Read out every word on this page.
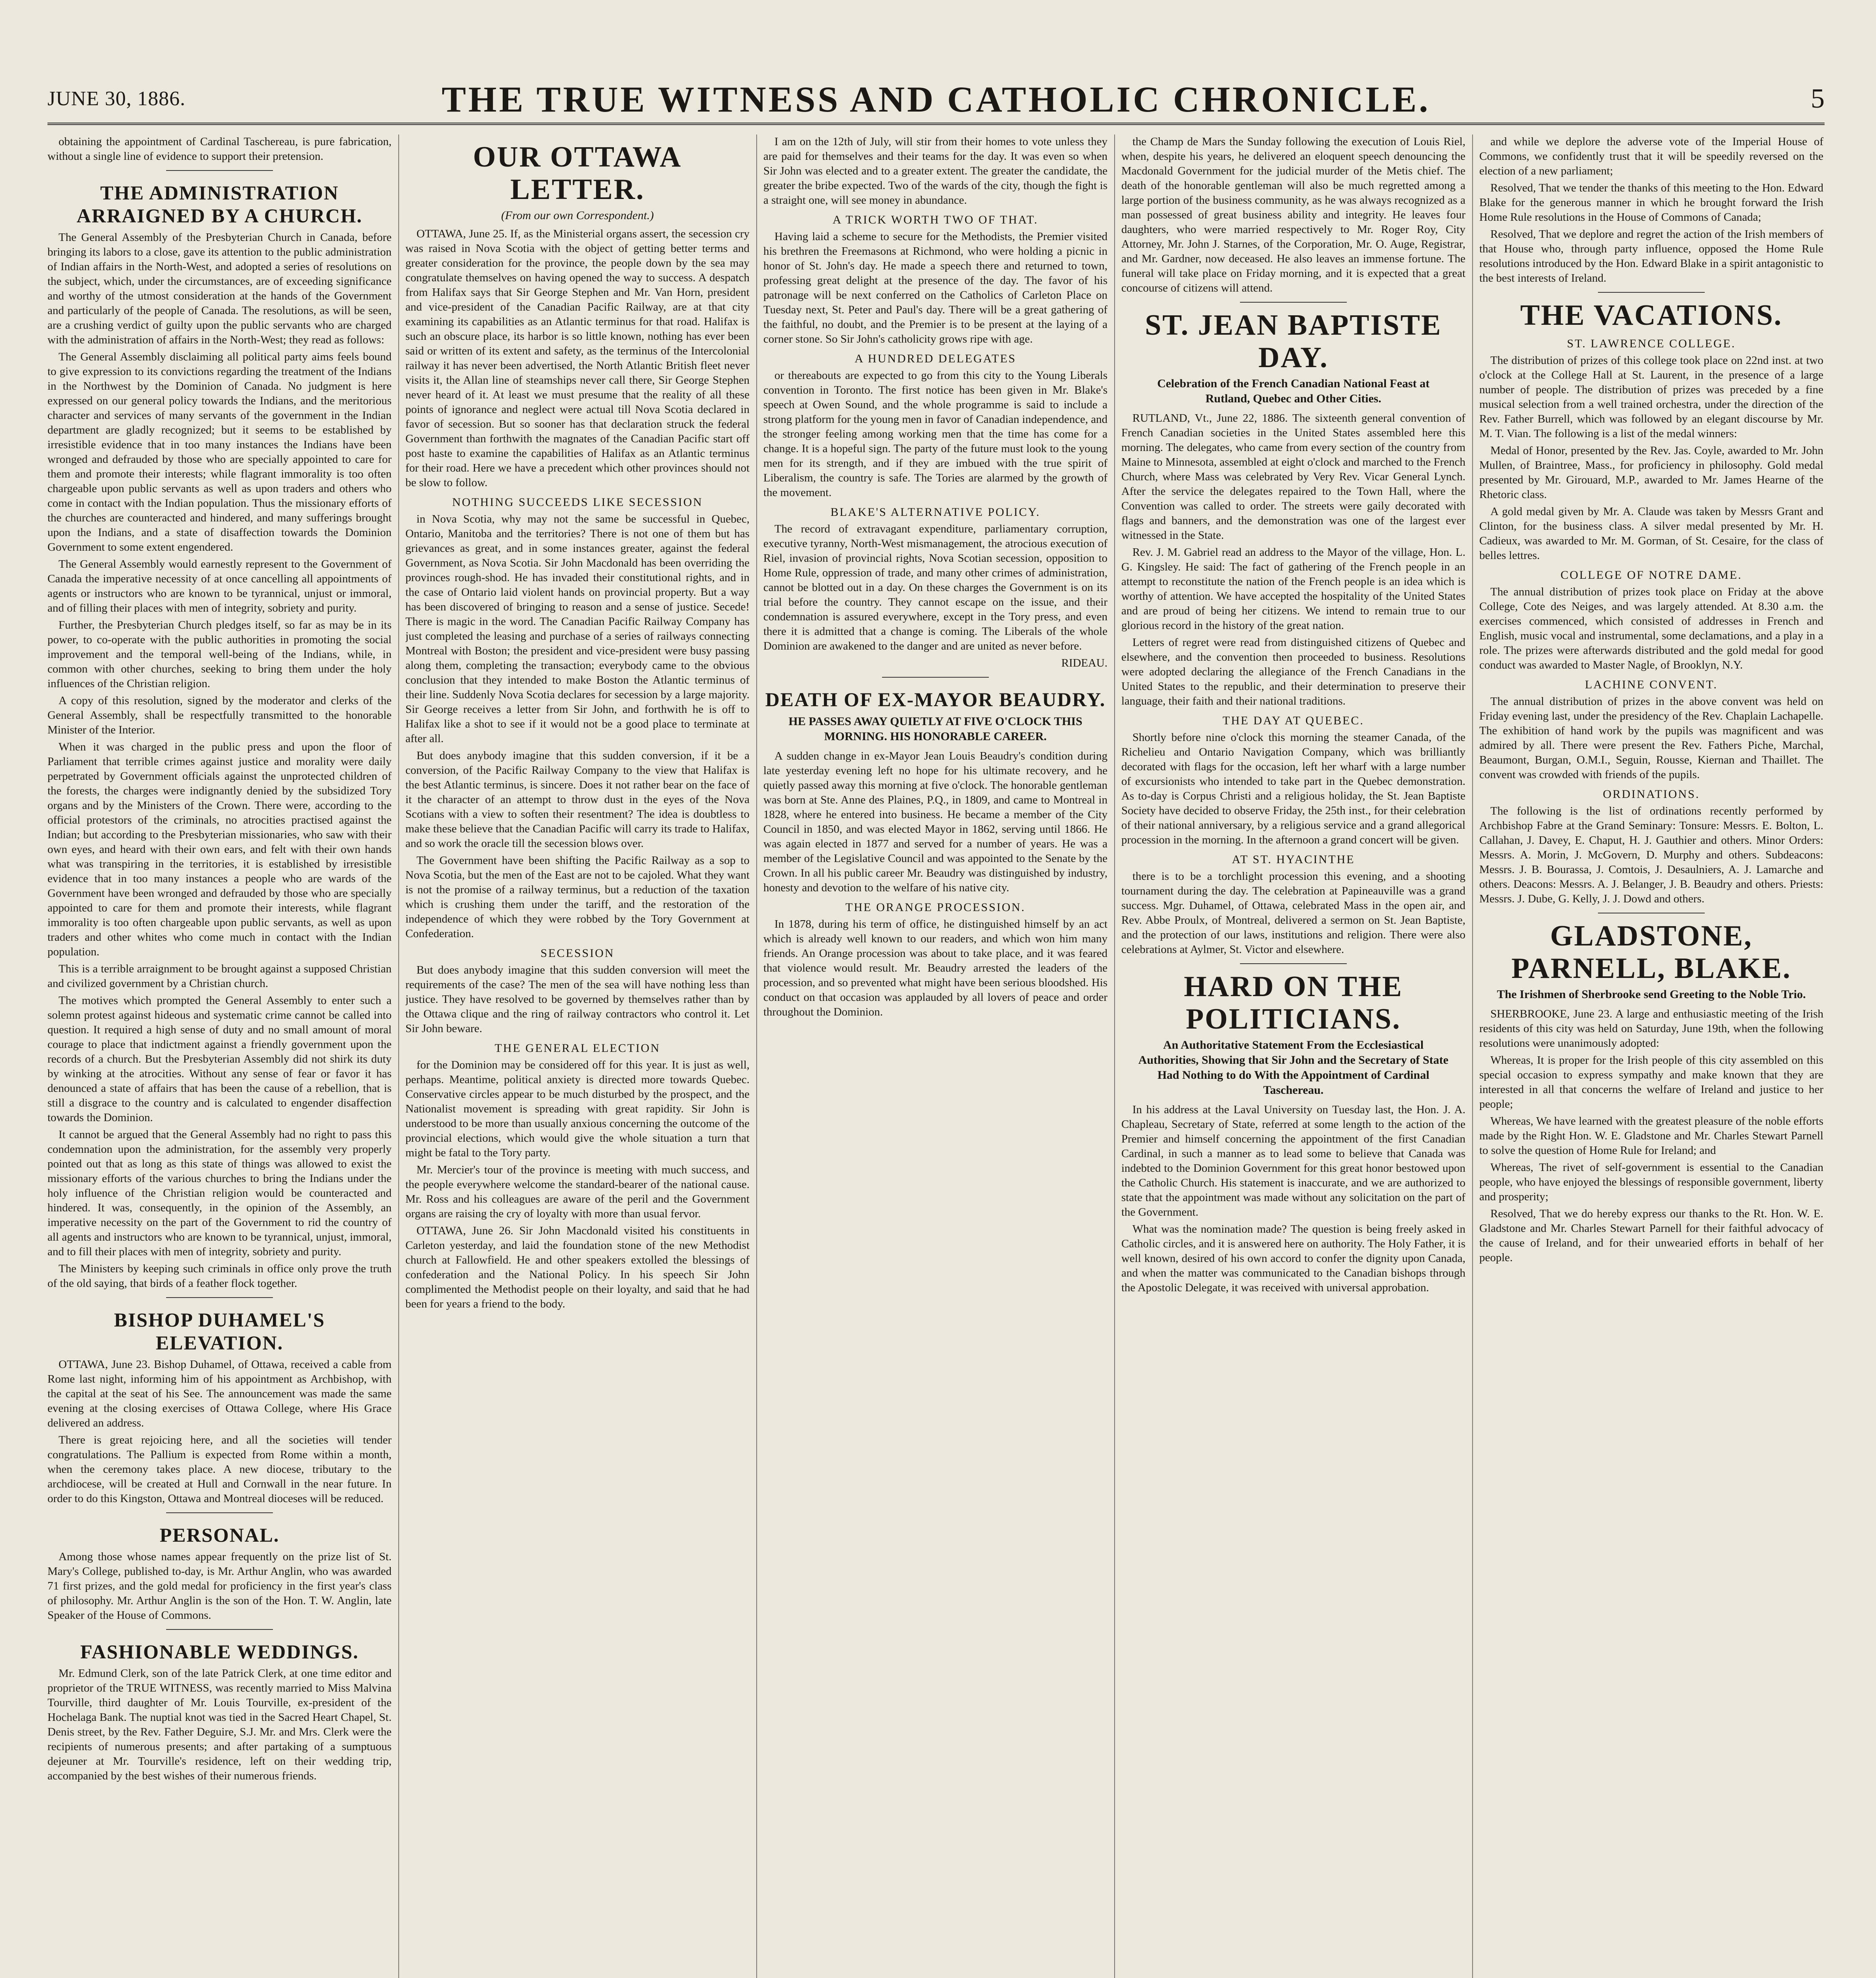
JUNE 30, 1886.	THE TRUE WITNESS AND CATHOLIC CHRONICLE.	5

obtaining the appointment of Cardinal Taschereau, is pure fabrication, without a single line of evidence to support their pretension.

THE ADMINISTRATION ARRAIGNED BY A CHURCH.

The General Assembly of the Presbyterian Church in Canada, before bringing its labors to a close, gave its attention to the public administration of Indian affairs in the North-West, and adopted a series of resolutions on the subject, which, under the circumstances, are of exceeding significance and worthy of the utmost consideration at the hands of the Government and particularly of the people of Canada. The resolutions, as will be seen, are a crushing verdict of guilty upon the public servants who are charged with the administration of affairs in the North-West; they read as follows:

The General Assembly disclaiming all political party aims feels bound to give expression to its convictions regarding the treatment of the Indians in the Northwest by the Dominion of Canada. No judgment is here expressed on our general policy towards the Indians, and the meritorious character and services of many servants of the government in the Indian department are gladly recognized; but it seems to be established by irresistible evidence that in too many instances the Indians have been wronged and defrauded by those who are specially appointed to care for them and promote their interests; while flagrant immorality is too often chargeable upon public servants as well as upon traders and others who come in contact with the Indian population. Thus the missionary efforts of the churches are counteracted and hindered, and many sufferings brought upon the Indians, and a state of disaffection towards the Dominion Government to some extent engendered.

The General Assembly would earnestly represent to the Government of Canada the imperative necessity of at once cancelling all appointments of agents or instructors who are known to be tyrannical, unjust or immoral, and of filling their places with men of integrity, sobriety and purity.

Further, the Presbyterian Church pledges itself, so far as may be in its power, to co-operate with the public authorities in promoting the social improvement and the temporal well-being of the Indians, while, in common with other churches, seeking to bring them under the holy influences of the Christian religion.

A copy of this resolution, signed by the moderator and clerks of the General Assembly, shall be respectfully transmitted to the honorable Minister of the Interior.

When it was charged in the public press and upon the floor of Parliament that terrible crimes against justice and morality were daily perpetrated by Government officials against the unprotected children of the forests, the charges were indignantly denied by the subsidized Tory organs and by the Ministers of the Crown. There were, according to the official protestors of the criminals, no atrocities practised against the Indian; but according to the Presbyterian missionaries, who saw with their own eyes, and heard with their own ears, and felt with their own hands what was transpiring in the territories, it is established by irresistible evidence that in too many instances a people who are wards of the Government have been wronged and defrauded by those who are specially appointed to care for them and promote their interests, while flagrant immorality is too often chargeable upon public servants, as well as upon traders and other whites who come much in contact with the Indian population.

This is a terrible arraignment to be brought against a supposed Christian and civilized government by a Christian church.

The motives which prompted the General Assembly to enter such a solemn protest against hideous and systematic crime cannot be called into question. It required a high sense of duty and no small amount of moral courage to place that indictment against a friendly government upon the records of a church. But the Presbyterian Assembly did not shirk its duty by winking at the atrocities. Without any sense of fear or favor it has denounced a state of affairs that has been the cause of a rebellion, that is still a disgrace to the country and is calculated to engender disaffection towards the Dominion.

It cannot be argued that the General Assembly had no right to pass this condemnation upon the administration, for the assembly very properly pointed out that as long as this state of things was allowed to exist the missionary efforts of the various churches to bring the Indians under the holy influence of the Christian religion would be counteracted and hindered. It was, consequently, in the opinion of the Assembly, an imperative necessity on the part of the Government to rid the country of all agents and instructors who are known to be tyrannical, unjust, immoral, and to fill their places with men of integrity, sobriety and purity.

The Ministers by keeping such criminals in office only prove the truth of the old saying, that birds of a feather flock together.

BISHOP DUHAMEL'S ELEVATION.

OTTAWA, June 23. Bishop Duhamel, of Ottawa, received a cable from Rome last night, informing him of his appointment as Archbishop, with the capital at the seat of his See. The announcement was made the same evening at the closing exercises of Ottawa College, where His Grace delivered an address.

There is great rejoicing here, and all the societies will tender congratulations. The Pallium is expected from Rome within a month, when the ceremony takes place. A new diocese, tributary to the archdiocese, will be created at Hull and Cornwall in the near future. In order to do this Kingston, Ottawa and Montreal dioceses will be reduced.

PERSONAL.

Among those whose names appear frequently on the prize list of St. Mary's College, published to-day, is Mr. Arthur Anglin, who was awarded 71 first prizes, and the gold medal for proficiency in the first year's class of philosophy. Mr. Arthur Anglin is the son of the Hon. T. W. Anglin, late Speaker of the House of Commons.

FASHIONABLE WEDDINGS.

Mr. Edmund Clerk, son of the late Patrick Clerk, at one time editor and proprietor of the TRUE WITNESS, was recently married to Miss Malvina Tourville, third daughter of Mr. Louis Tourville, ex-president of the Hochelaga Bank. The nuptial knot was tied in the Sacred Heart Chapel, St. Denis street, by the Rev. Father Deguire, S.J. Mr. and Mrs. Clerk were the recipients of numerous presents; and after partaking of a sumptuous dejeuner at Mr. Tourville's residence, left on their wedding trip, accompanied by the best wishes of their numerous friends.

OUR OTTAWA LETTER.
(From our own Correspondent.)

OTTAWA, June 25. If, as the Ministerial organs assert, the secession cry was raised in Nova Scotia with the object of getting better terms and greater consideration for the province, the people down by the sea may congratulate themselves on having opened the way to success. A despatch from Halifax says that Sir George Stephen and Mr. Van Horn, president and vice-president of the Canadian Pacific Railway, are at that city examining its capabilities as an Atlantic terminus for that road. Halifax is such an obscure place, its harbor is so little known, nothing has ever been said or written of its extent and safety, as the terminus of the Intercolonial railway it has never been advertised, the North Atlantic British fleet never visits it, the Allan line of steamships never call there, Sir George Stephen never heard of it. At least we must presume that the reality of all these points of ignorance and neglect were actual till Nova Scotia declared in favor of secession. But so sooner has that declaration struck the federal Government than forthwith the magnates of the Canadian Pacific start off post haste to examine the capabilities of Halifax as an Atlantic terminus for their road. Here we have a precedent which other provinces should not be slow to follow.

NOTHING SUCCEEDS LIKE SECESSION

in Nova Scotia, why may not the same be successful in Quebec, Ontario, Manitoba and the territories? There is not one of them but has grievances as great, and in some instances greater, against the federal Government, as Nova Scotia. Sir John Macdonald has been overriding the provinces rough-shod. He has invaded their constitutional rights, and in the case of Ontario laid violent hands on provincial property. But a way has been discovered of bringing to reason and a sense of justice. Secede! There is magic in the word. The Canadian Pacific Railway Company has just completed the leasing and purchase of a series of railways connecting Montreal with Boston; the president and vice-president were busy passing along them, completing the transaction; everybody came to the obvious conclusion that they intended to make Boston the Atlantic terminus of their line. Suddenly Nova Scotia declares for secession by a large majority. Sir George receives a letter from Sir John, and forthwith he is off to Halifax like a shot to see if it would not be a good place to terminate at after all.

But does anybody imagine that this sudden conversion, if it be a conversion, of the Pacific Railway Company to the view that Halifax is the best Atlantic terminus, is sincere. Does it not rather bear on the face of it the character of an attempt to throw dust in the eyes of the Nova Scotians with a view to soften their resentment? The idea is doubtless to make these believe that the Canadian Pacific will carry its trade to Halifax, and so work the oracle till the secession blows over.

The Government have been shifting the Pacific Railway as a sop to Nova Scotia, but the men of the East are not to be cajoled. What they want is not the promise of a railway terminus, but a reduction of the taxation which is crushing them under the tariff, and the restoration of the independence of which they were robbed by the Tory Government at Confederation.

SECESSION

But does anybody imagine that this sudden conversion will meet the requirements of the case? The men of the sea will have nothing less than justice. They have resolved to be governed by themselves rather than by the Ottawa clique and the ring of railway contractors who control it. Let Sir John beware.

THE GENERAL ELECTION

for the Dominion may be considered off for this year. It is just as well, perhaps. Meantime, political anxiety is directed more towards Quebec. Conservative circles appear to be much disturbed by the prospect, and the Nationalist movement is spreading with great rapidity. Sir John is understood to be more than usually anxious concerning the outcome of the provincial elections, which would give the whole situation a turn that might be fatal to the Tory party.

Mr. Mercier's tour of the province is meeting with much success, and the people everywhere welcome the standard-bearer of the national cause. Mr. Ross and his colleagues are aware of the peril and the Government organs are raising the cry of loyalty with more than usual fervor.

OTTAWA, June 26. Sir John Macdonald visited his constituents in Carleton yesterday, and laid the foundation stone of the new Methodist church at Fallowfield. He and other speakers extolled the blessings of confederation and the National Policy. In his speech Sir John complimented the Methodist people on their loyalty, and said that he had been for years a friend to the body.

I am on the 12th of July, will stir from their homes to vote unless they are paid for themselves and their teams for the day. It was even so when Sir John was elected and to a greater extent. The greater the candidate, the greater the bribe expected. Two of the wards of the city, though the fight is a straight one, will see money in abundance.

A TRICK WORTH TWO OF THAT.

Having laid a scheme to secure for the Methodists, the Premier visited his brethren the Freemasons at Richmond, who were holding a picnic in honor of St. John's day. He made a speech there and returned to town, professing great delight at the presence of the day. The favor of his patronage will be next conferred on the Catholics of Carleton Place on Tuesday next, St. Peter and Paul's day. There will be a great gathering of the faithful, no doubt, and the Premier is to be present at the laying of a corner stone. So Sir John's catholicity grows ripe with age.

A HUNDRED DELEGATES

or thereabouts are expected to go from this city to the Young Liberals convention in Toronto. The first notice has been given in Mr. Blake's speech at Owen Sound, and the whole programme is said to include a strong platform for the young men in favor of Canadian independence, and the stronger feeling among working men that the time has come for a change. It is a hopeful sign. The party of the future must look to the young men for its strength, and if they are imbued with the true spirit of Liberalism, the country is safe. The Tories are alarmed by the growth of the movement.

BLAKE'S ALTERNATIVE POLICY.

The record of extravagant expenditure, parliamentary corruption, executive tyranny, North-West mismanagement, the atrocious execution of Riel, invasion of provincial rights, Nova Scotian secession, opposition to Home Rule, oppression of trade, and many other crimes of administration, cannot be blotted out in a day. On these charges the Government is on its trial before the country. They cannot escape on the issue, and their condemnation is assured everywhere, except in the Tory press, and even there it is admitted that a change is coming. The Liberals of the whole Dominion are awakened to the danger and are united as never before.

RIDEAU.

DEATH OF EX-MAYOR BEAUDRY.
HE PASSES AWAY QUIETLY AT FIVE O'CLOCK THIS MORNING. HIS HONORABLE CAREER.

A sudden change in ex-Mayor Jean Louis Beaudry's condition during late yesterday evening left no hope for his ultimate recovery, and he quietly passed away this morning at five o'clock. The honorable gentleman was born at Ste. Anne des Plaines, P.Q., in 1809, and came to Montreal in 1828, where he entered into business. He became a member of the City Council in 1850, and was elected Mayor in 1862, serving until 1866. He was again elected in 1877 and served for a number of years. He was a member of the Legislative Council and was appointed to the Senate by the Crown. In all his public career Mr. Beaudry was distinguished by industry, honesty and devotion to the welfare of his native city.

THE ORANGE PROCESSION.

In 1878, during his term of office, he distinguished himself by an act which is already well known to our readers, and which won him many friends. An Orange procession was about to take place, and it was feared that violence would result. Mr. Beaudry arrested the leaders of the procession, and so prevented what might have been serious bloodshed. His conduct on that occasion was applauded by all lovers of peace and order throughout the Dominion.

the Champ de Mars the Sunday following the execution of Louis Riel, when, despite his years, he delivered an eloquent speech denouncing the Macdonald Government for the judicial murder of the Metis chief. The death of the honorable gentleman will also be much regretted among a large portion of the business community, as he was always recognized as a man possessed of great business ability and integrity. He leaves four daughters, who were married respectively to Mr. Roger Roy, City Attorney, Mr. John J. Starnes, of the Corporation, Mr. O. Auge, Registrar, and Mr. Gardner, now deceased. He also leaves an immense fortune. The funeral will take place on Friday morning, and it is expected that a great concourse of citizens will attend.

ST. JEAN BAPTISTE DAY.
Celebration of the French Canadian National Feast at Rutland, Quebec and Other Cities.

RUTLAND, Vt., June 22, 1886. The sixteenth general convention of French Canadian societies in the United States assembled here this morning. The delegates, who came from every section of the country from Maine to Minnesota, assembled at eight o'clock and marched to the French Church, where Mass was celebrated by Very Rev. Vicar General Lynch. After the service the delegates repaired to the Town Hall, where the Convention was called to order. The streets were gaily decorated with flags and banners, and the demonstration was one of the largest ever witnessed in the State.

Rev. J. M. Gabriel read an address to the Mayor of the village, Hon. L. G. Kingsley. He said: The fact of gathering of the French people in an attempt to reconstitute the nation of the French people is an idea which is worthy of attention. We have accepted the hospitality of the United States and are proud of being her citizens. We intend to remain true to our glorious record in the history of the great nation.

Letters of regret were read from distinguished citizens of Quebec and elsewhere, and the convention then proceeded to business. Resolutions were adopted declaring the allegiance of the French Canadians in the United States to the republic, and their determination to preserve their language, their faith and their national traditions.

THE DAY AT QUEBEC.

Shortly before nine o'clock this morning the steamer Canada, of the Richelieu and Ontario Navigation Company, which was brilliantly decorated with flags for the occasion, left her wharf with a large number of excursionists who intended to take part in the Quebec demonstration. As to-day is Corpus Christi and a religious holiday, the St. Jean Baptiste Society have decided to observe Friday, the 25th inst., for their celebration of their national anniversary, by a religious service and a grand allegorical procession in the morning. In the afternoon a grand concert will be given.

AT ST. HYACINTHE

there is to be a torchlight procession this evening, and a shooting tournament during the day. The celebration at Papineauville was a grand success. Mgr. Duhamel, of Ottawa, celebrated Mass in the open air, and Rev. Abbe Proulx, of Montreal, delivered a sermon on St. Jean Baptiste, and the protection of our laws, institutions and religion. There were also celebrations at Aylmer, St. Victor and elsewhere.

HARD ON THE POLITICIANS.
An Authoritative Statement From the Ecclesiastical Authorities, Showing that Sir John and the Secretary of State Had Nothing to do With the Appointment of Cardinal Taschereau.

In his address at the Laval University on Tuesday last, the Hon. J. A. Chapleau, Secretary of State, referred at some length to the action of the Premier and himself concerning the appointment of the first Canadian Cardinal, in such a manner as to lead some to believe that Canada was indebted to the Dominion Government for this great honor bestowed upon the Catholic Church. His statement is inaccurate, and we are authorized to state that the appointment was made without any solicitation on the part of the Government.

What was the nomination made? The question is being freely asked in Catholic circles, and it is answered here on authority. The Holy Father, it is well known, desired of his own accord to confer the dignity upon Canada, and when the matter was communicated to the Canadian bishops through the Apostolic Delegate, it was received with universal approbation.

and while we deplore the adverse vote of the Imperial House of Commons, we confidently trust that it will be speedily reversed on the election of a new parliament;

Resolved, That we tender the thanks of this meeting to the Hon. Edward Blake for the generous manner in which he brought forward the Irish Home Rule resolutions in the House of Commons of Canada;

Resolved, That we deplore and regret the action of the Irish members of that House who, through party influence, opposed the Home Rule resolutions introduced by the Hon. Edward Blake in a spirit antagonistic to the best interests of Ireland.

THE VACATIONS.
ST. LAWRENCE COLLEGE.

The distribution of prizes of this college took place on 22nd inst. at two o'clock at the College Hall at St. Laurent, in the presence of a large number of people. The distribution of prizes was preceded by a fine musical selection from a well trained orchestra, under the direction of the Rev. Father Burrell, which was followed by an elegant discourse by Mr. M. T. Vian. The following is a list of the medal winners:

Medal of Honor, presented by the Rev. Jas. Coyle, awarded to Mr. John Mullen, of Braintree, Mass., for proficiency in philosophy. Gold medal presented by Mr. Girouard, M.P., awarded to Mr. James Hearne of the Rhetoric class.

A gold medal given by Mr. A. Claude was taken by Messrs Grant and Clinton, for the business class. A silver medal presented by Mr. H. Cadieux, was awarded to Mr. M. Gorman, of St. Cesaire, for the class of belles lettres.

COLLEGE OF NOTRE DAME.

The annual distribution of prizes took place on Friday at the above College, Cote des Neiges, and was largely attended. At 8.30 a.m. the exercises commenced, which consisted of addresses in French and English, music vocal and instrumental, some declamations, and a play in a role. The prizes were afterwards distributed and the gold medal for good conduct was awarded to Master Nagle, of Brooklyn, N.Y.

LACHINE CONVENT.

The annual distribution of prizes in the above convent was held on Friday evening last, under the presidency of the Rev. Chaplain Lachapelle. The exhibition of hand work by the pupils was magnificent and was admired by all. There were present the Rev. Fathers Piche, Marchal, Beaumont, Burgan, O.M.I., Seguin, Rousse, Kiernan and Thaillet. The convent was crowded with friends of the pupils.

ORDINATIONS.

The following is the list of ordinations recently performed by Archbishop Fabre at the Grand Seminary: Tonsure: Messrs. E. Bolton, L. Callahan, J. Davey, E. Chaput, H. J. Gauthier and others. Minor Orders: Messrs. A. Morin, J. McGovern, D. Murphy and others. Subdeacons: Messrs. J. B. Bourassa, J. Comtois, J. Desaulniers, A. J. Lamarche and others. Deacons: Messrs. A. J. Belanger, J. B. Beaudry and others. Priests: Messrs. J. Dube, G. Kelly, J. J. Dowd and others.

GLADSTONE, PARNELL, BLAKE.
The Irishmen of Sherbrooke send Greeting to the Noble Trio.

SHERBROOKE, June 23. A large and enthusiastic meeting of the Irish residents of this city was held on Saturday, June 19th, when the following resolutions were unanimously adopted:

Whereas, It is proper for the Irish people of this city assembled on this special occasion to express sympathy and make known that they are interested in all that concerns the welfare of Ireland and justice to her people;

Whereas, We have learned with the greatest pleasure of the noble efforts made by the Right Hon. W. E. Gladstone and Mr. Charles Stewart Parnell to solve the question of Home Rule for Ireland; and

Whereas, The rivet of self-government is essential to the Canadian people, who have enjoyed the blessings of responsible government, liberty and prosperity;

Resolved, That we do hereby express our thanks to the Rt. Hon. W. E. Gladstone and Mr. Charles Stewart Parnell for their faithful advocacy of the cause of Ireland, and for their unwearied efforts in behalf of her people.
